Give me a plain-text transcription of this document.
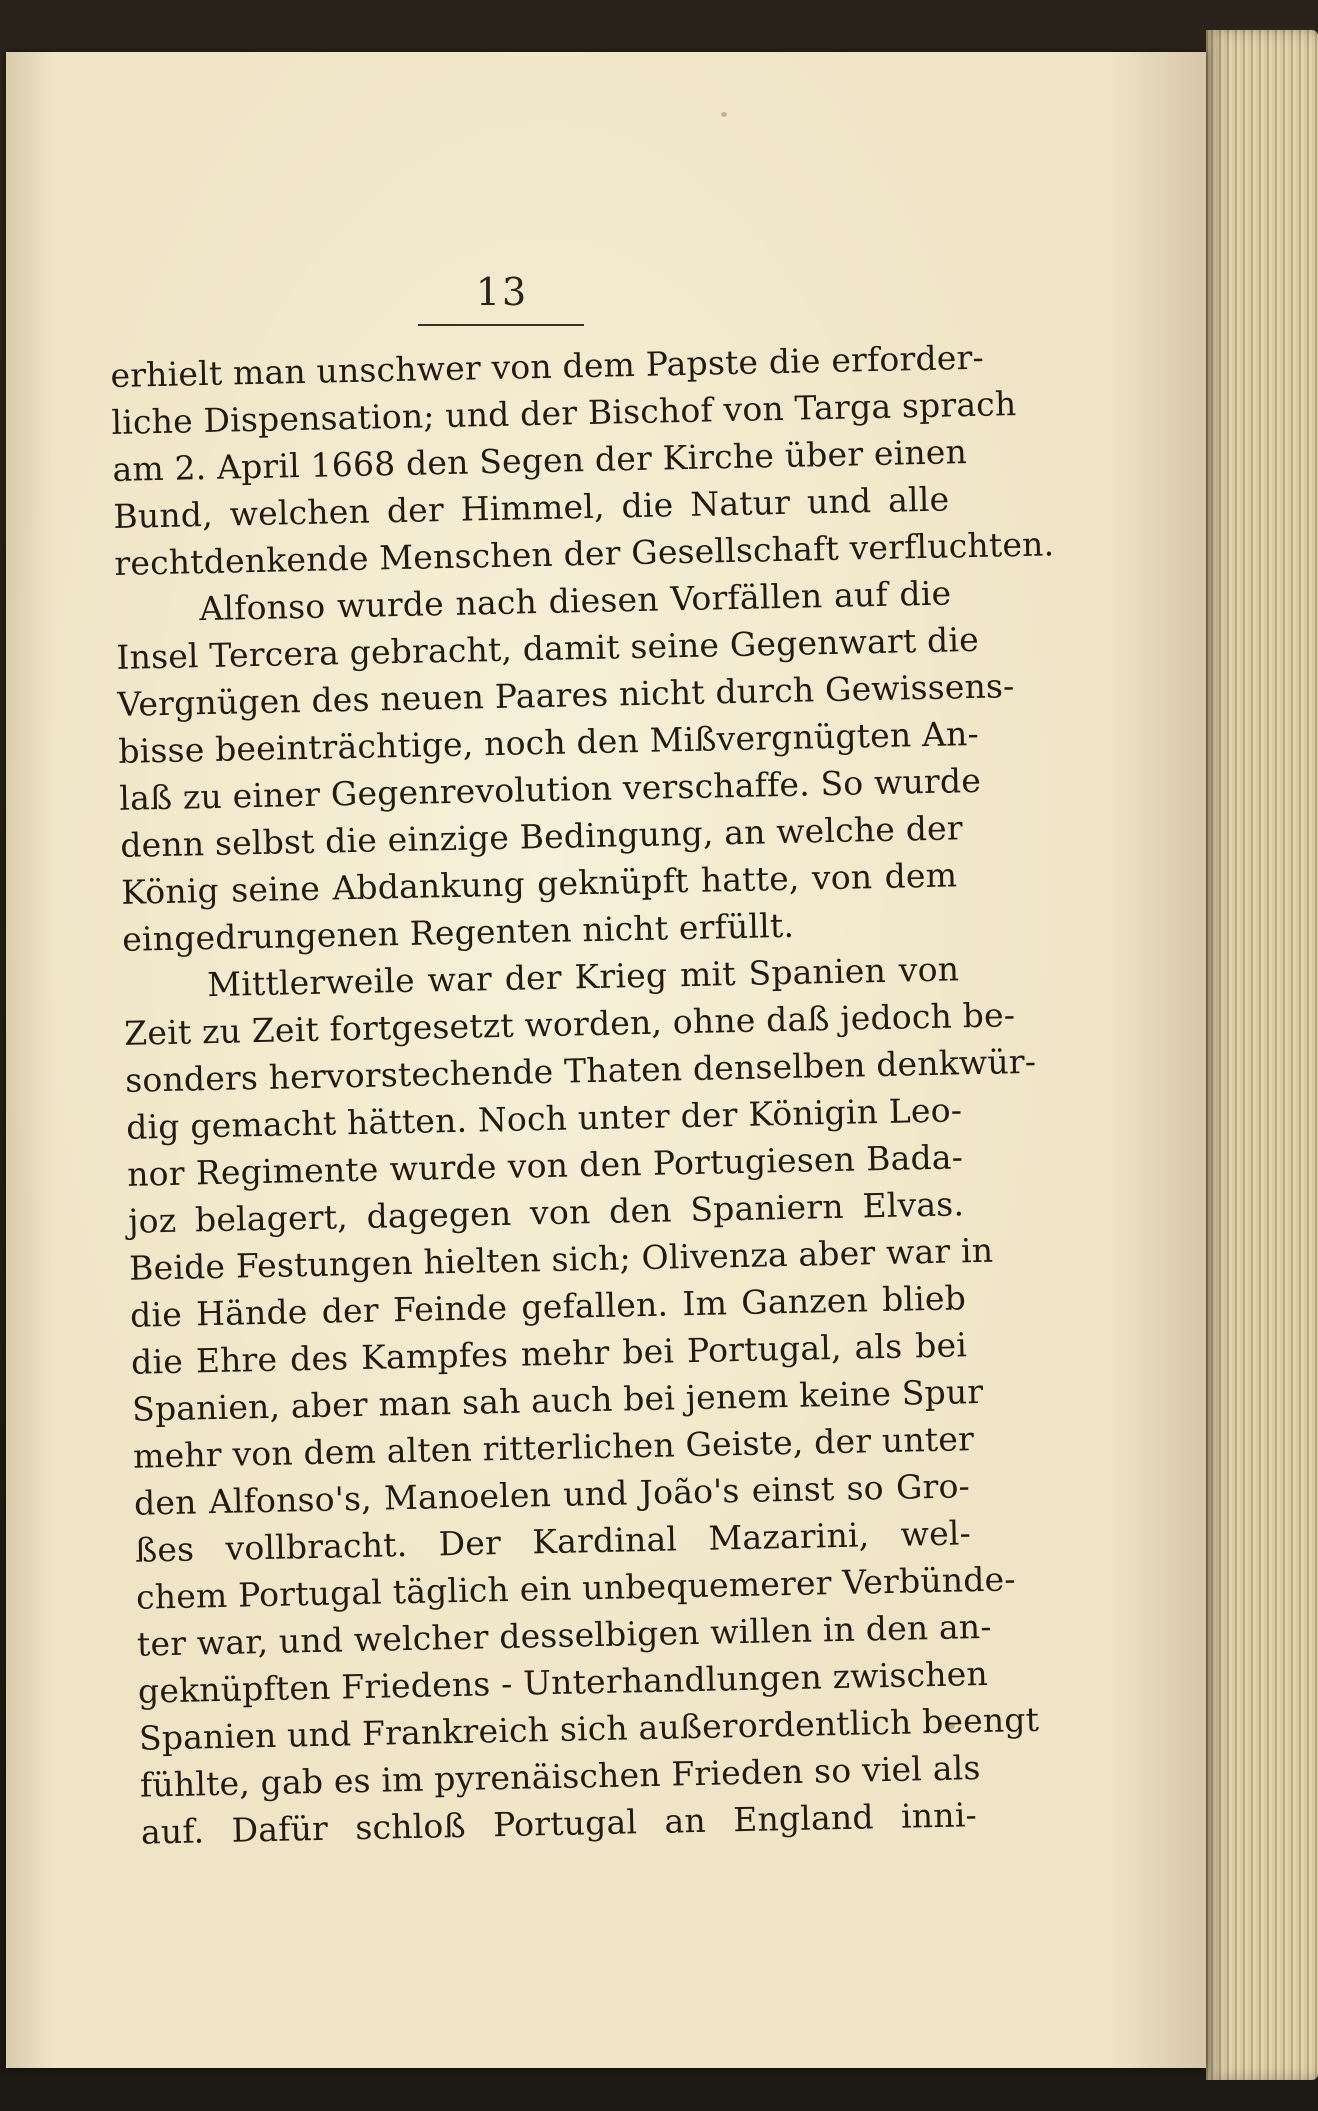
13
erhielt man unschwer von dem Papste die erforder-
liche Dispensation; und der Bischof von Targa sprach
am 2. April 1668 den Segen der Kirche über einen
Bund, welchen der Himmel, die Natur und alle
rechtdenkende Menschen der Gesellschaft verfluchten.
Alfonso wurde nach diesen Vorfällen auf die
Insel Tercera gebracht, damit seine Gegenwart die
Vergnügen des neuen Paares nicht durch Gewissens-
bisse beeinträchtige, noch den Mißvergnügten An-
laß zu einer Gegenrevolution verschaffe. So wurde
denn selbst die einzige Bedingung, an welche der
König seine Abdankung geknüpft hatte, von dem
eingedrungenen Regenten nicht erfüllt.
Mittlerweile war der Krieg mit Spanien von
Zeit zu Zeit fortgesetzt worden, ohne daß jedoch be-
sonders hervorstechende Thaten denselben denkwür-
dig gemacht hätten. Noch unter der Königin Leo-
nor Regimente wurde von den Portugiesen Bada-
joz belagert, dagegen von den Spaniern Elvas.
Beide Festungen hielten sich; Olivenza aber war in
die Hände der Feinde gefallen. Im Ganzen blieb
die Ehre des Kampfes mehr bei Portugal, als bei
Spanien, aber man sah auch bei jenem keine Spur
mehr von dem alten ritterlichen Geiste, der unter
den Alfonso's, Manoelen und João's einst so Gro-
ßes vollbracht. Der Kardinal Mazarini, wel-
chem Portugal täglich ein unbequemerer Verbünde-
ter war, und welcher desselbigen willen in den an-
geknüpften Friedens - Unterhandlungen zwischen
Spanien und Frankreich sich außerordentlich beengt
fühlte, gab es im pyrenäischen Frieden so viel als
auf. Dafür schloß Portugal an England inni-
